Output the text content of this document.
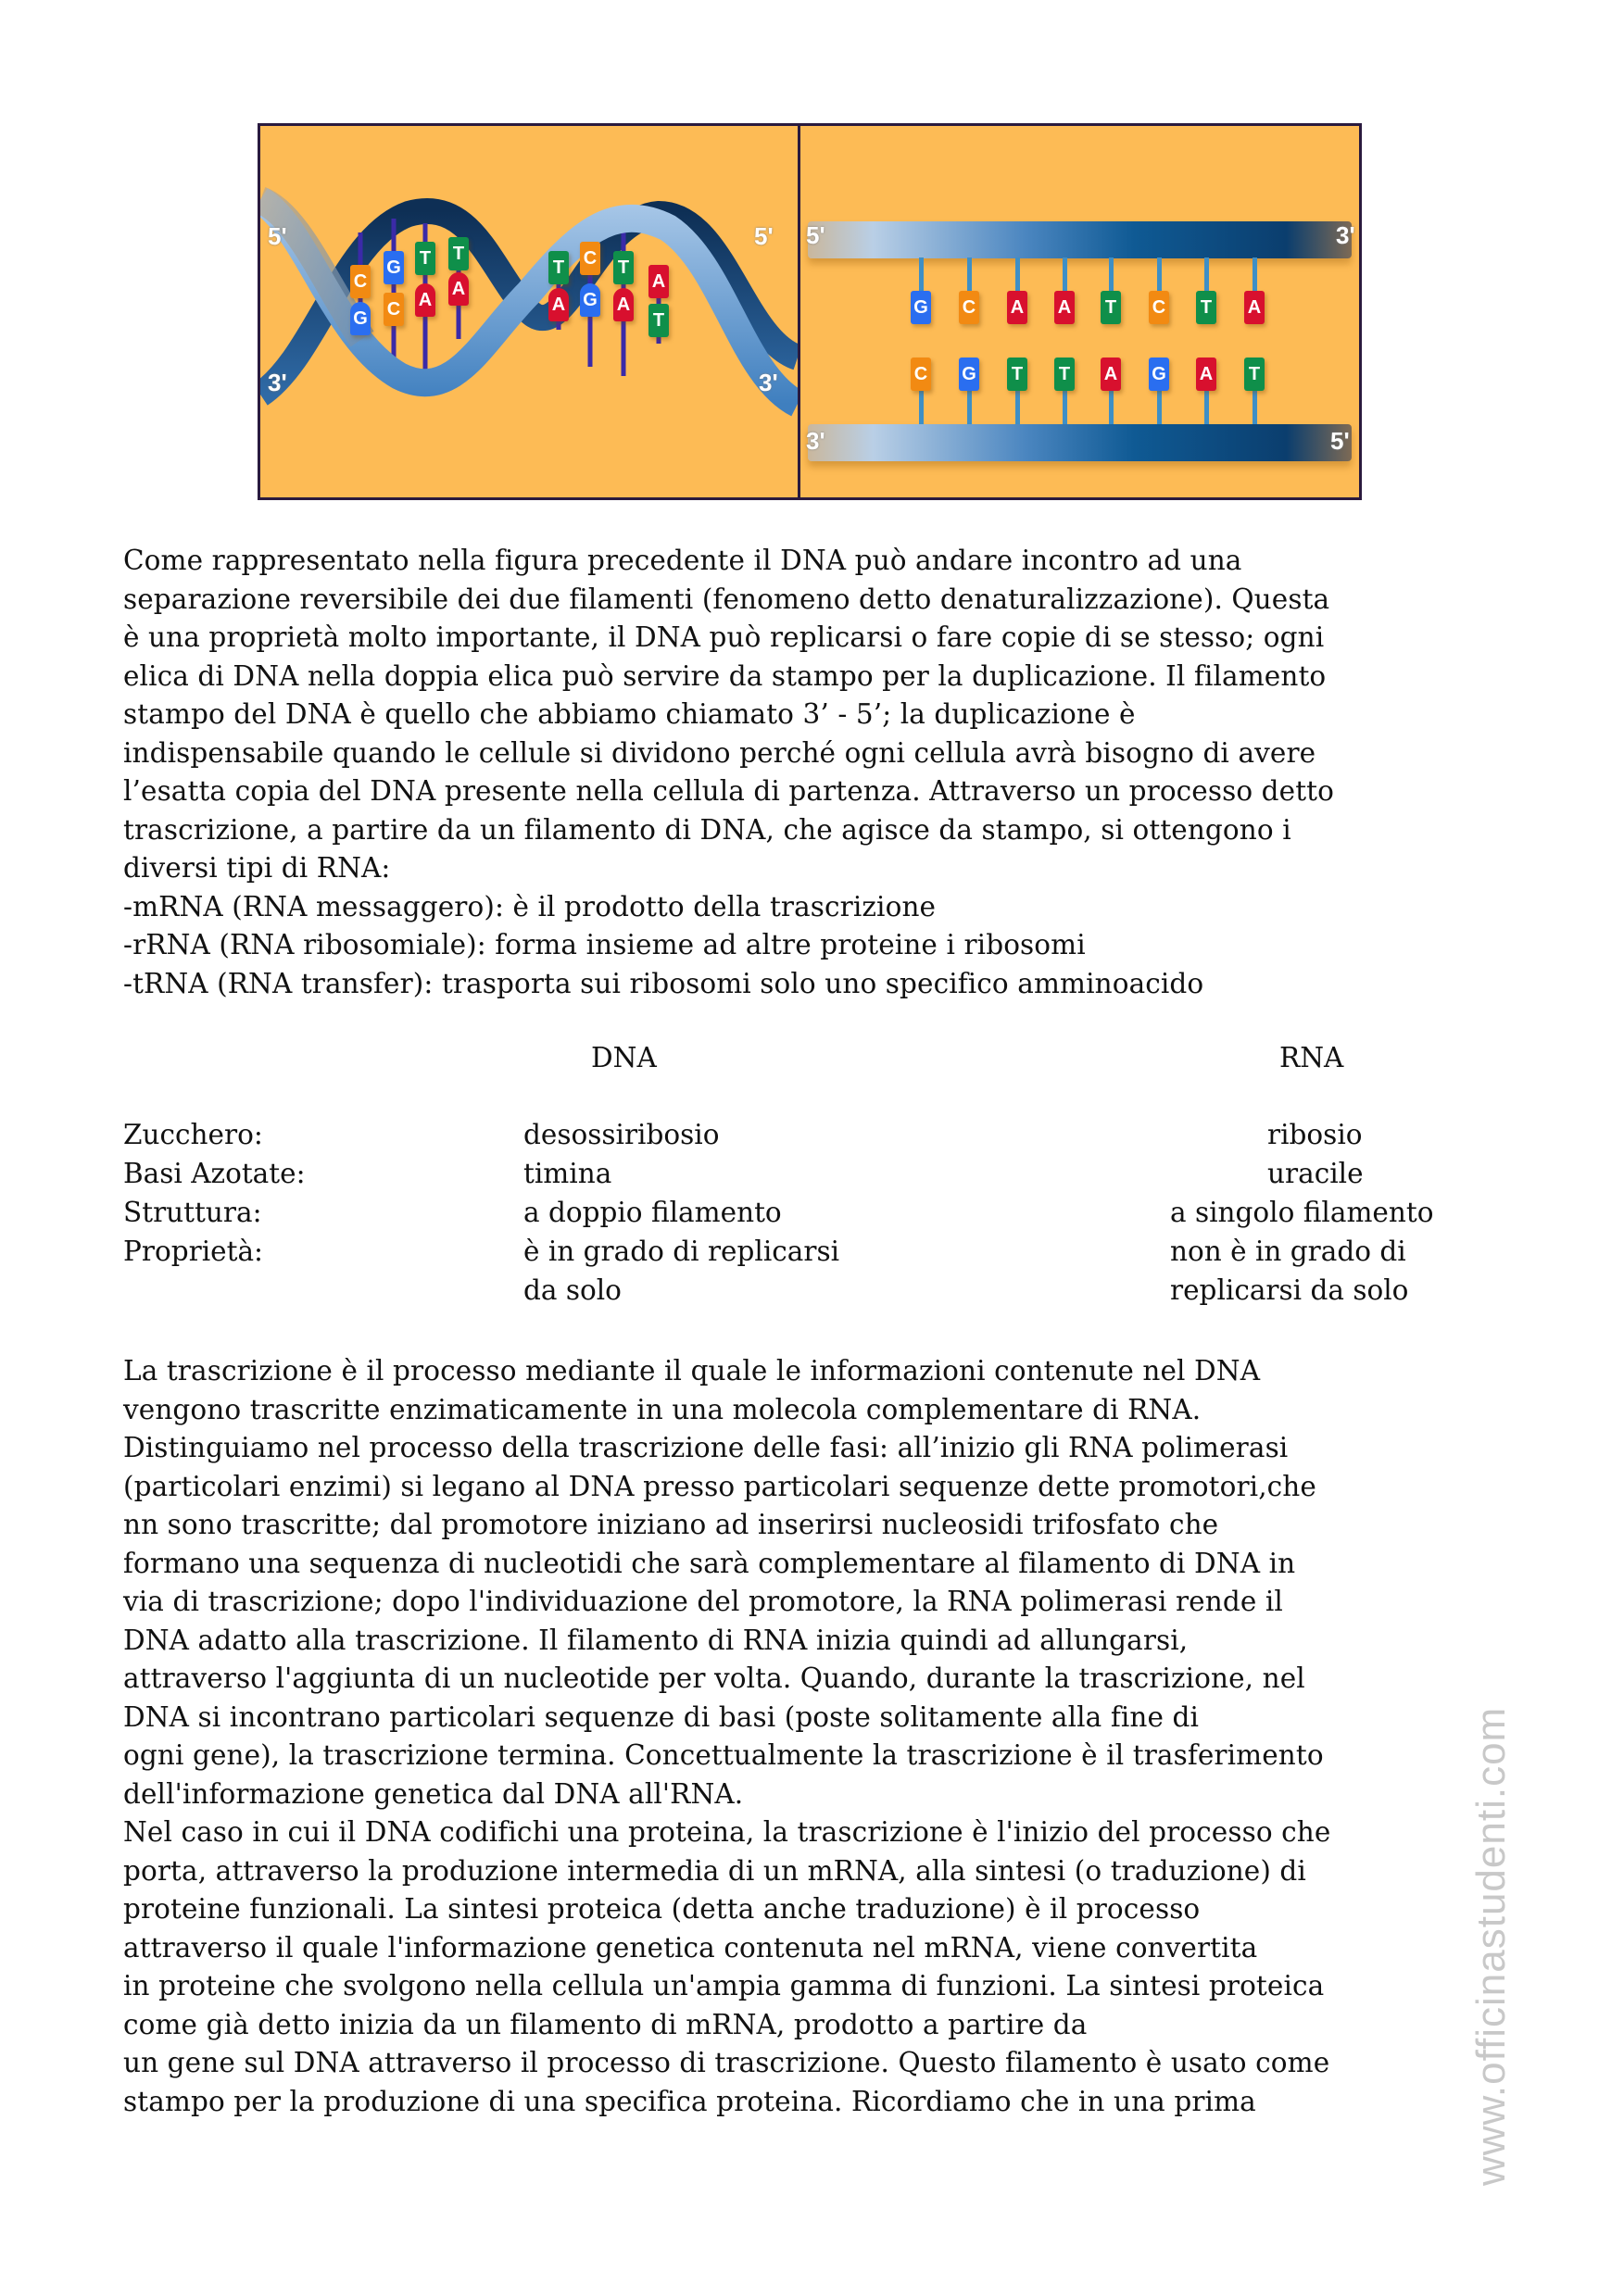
C
G
G
C
T
A
T
A
T
A
C
G
T
A
A
T
5'
3'
5'
3'
G C A A T C T A
C G T T A G A T
5'	3'
3'	5'

Come rappresentato nella figura precedente il DNA può andare incontro ad una

separazione reversibile dei due filamenti (fenomeno detto denaturalizzazione). Questa

è una proprietà molto importante, il DNA può replicarsi o fare copie di se stesso; ogni

elica di DNA nella doppia elica può servire da stampo per la duplicazione. Il filamento

stampo del DNA è quello che abbiamo chiamato 3’ - 5’; la duplicazione è

indispensabile quando le cellule si dividono perché ogni cellula avrà bisogno di avere

l’esatta copia del DNA presente nella cellula di partenza. Attraverso un processo detto

trascrizione, a partire da un filamento di DNA, che agisce da stampo, si ottengono i

diversi tipi di RNA:

-mRNA (RNA messaggero): è il prodotto della trascrizione

-rRNA (RNA ribosomiale): forma insieme ad altre proteine i ribosomi

-tRNA (RNA transfer): trasporta sui ribosomi solo uno specifico amminoacido

DNA	RNA
Zucchero:	desossiribosio	ribosio
Basi Azotate:	timina	uracile
Struttura:	a doppio filamento	a singolo filamento
Proprietà:	è in grado di replicarsi	non è in grado di
da solo	replicarsi da solo

La trascrizione è il processo mediante il quale le informazioni contenute nel DNA

vengono trascritte enzimaticamente in una molecola complementare di RNA.

Distinguiamo nel processo della trascrizione delle fasi: all’inizio gli RNA polimerasi

(particolari enzimi) si legano al DNA presso particolari sequenze dette promotori,che

nn sono trascritte; dal promotore iniziano ad inserirsi nucleosidi trifosfato che

formano una sequenza di nucleotidi che sarà complementare al filamento di DNA in

via di trascrizione; dopo l'individuazione del promotore, la RNA polimerasi rende il

DNA adatto alla trascrizione. Il filamento di RNA inizia quindi ad allungarsi,

attraverso l'aggiunta di un nucleotide per volta. Quando, durante la trascrizione, nel

DNA si incontrano particolari sequenze di basi (poste solitamente alla fine di

ogni gene), la trascrizione termina. Concettualmente la trascrizione è il trasferimento

dell'informazione genetica dal DNA all'RNA.

Nel caso in cui il DNA codifichi una proteina, la trascrizione è l'inizio del processo che

porta, attraverso la produzione intermedia di un mRNA, alla sintesi (o traduzione) di

proteine funzionali. La sintesi proteica (detta anche traduzione) è il processo

attraverso il quale l'informazione genetica contenuta nel mRNA, viene convertita

in proteine che svolgono nella cellula un'ampia gamma di funzioni. La sintesi proteica

come già detto inizia da un filamento di mRNA, prodotto a partire da

un gene sul DNA attraverso il processo di trascrizione. Questo filamento è usato come

stampo per la produzione di una specifica proteina. Ricordiamo che in una prima	www.officinastudenti.com
